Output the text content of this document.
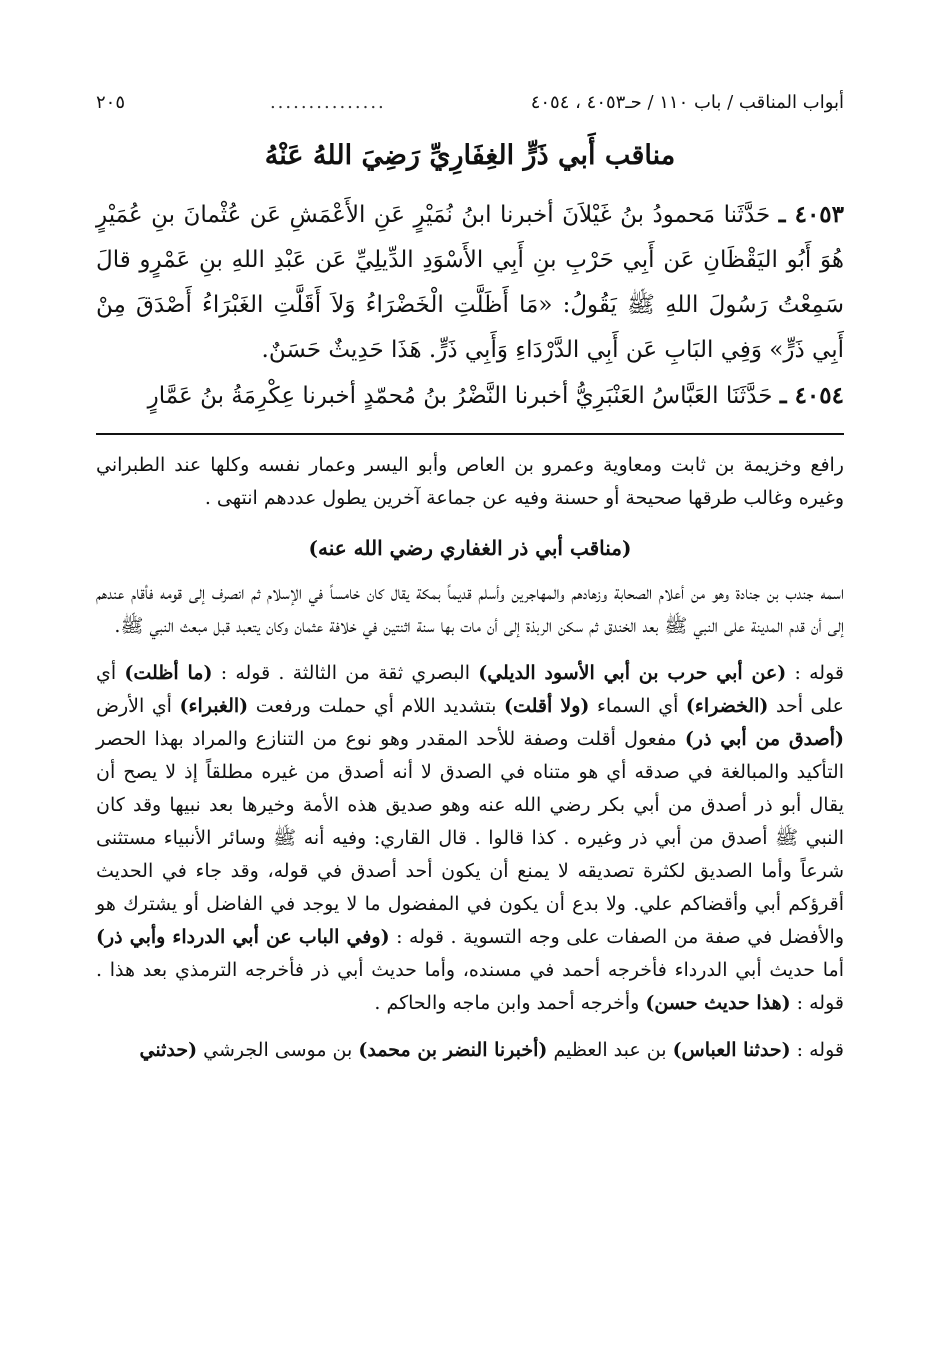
أبواب المناقب / باب ١١٠ / حـ٤٠٥٣ ، ٤٠٥٤
...............
٢٠٥
مناقب أَبي ذَرٍّ الغِفَارِيِّ رَضِيَ اللهُ عَنْهُ

٤٠٥٣ ـ حَدَّثَنا مَحمودُ بنُ غَيْلاَنَ أخبرنا ابنُ نُمَيْرٍ عَنِ الأَعْمَشِ عَن عُثْمانَ بنِ عُمَيْرٍ هُوَ أَبُو اليَقْظَانِ عَن أَبِي حَرْبِ بنِ أَبِي الأَسْوَدِ الدِّيلِيِّ عَن عَبْدِ اللهِ بنِ عَمْرٍو قالَ سَمِعْتُ رَسُولَ اللهِ ﷺ يَقُولُ: «مَا أَظَلَّتِ الْخَضْرَاءُ وَلاَ أَقَلَّتِ الغَبْرَاءُ أَصْدَقَ مِنْ أَبِي ذَرٍّ» وَفِي البَابِ عَن أَبِي الدَّرْدَاءِ وَأَبِي ذَرٍّ. هَذَا حَدِيثٌ حَسَنٌ.

٤٠٥٤ ـ حَدَّثَنَا العَبَّاسُ العَنْبَرِيُّ أخبرنا النَّضْرُ بنُ مُحمّدٍ أخبرنا عِكْرِمَةُ بنُ عَمَّارٍ

رافع وخزيمة بن ثابت ومعاوية وعمرو بن العاص وأبو اليسر وعمار نفسه وكلها عند الطبراني وغيره وغالب طرقها صحيحة أو حسنة وفيه عن جماعة آخرين يطول عددهم انتهى .

(مناقب أبي ذر الغفاري رضي الله عنه)

اسمه جندب بن جنادة وهو من أعلام الصحابة وزهادهم والمهاجرين وأسلم قديماً بمكة يقال كان خامساً في الإسلام ثم انصرف إلى قومه فأقام عندهم إلى أن قدم المدينة على النبي ﷺ بعد الخندق ثم سكن الربذة إلى أن مات بها سنة اثنتين في خلافة عثمان وكان يتعبد قبل مبعث النبي ﷺ.

قوله : (عن أبي حرب بن أبي الأسود الديلي) البصري ثقة من الثالثة . قوله : (ما أظلت) أي على أحد (الخضراء) أي السماء (ولا أقلت) بتشديد اللام أي حملت ورفعت (الغبراء) أي الأرض (أصدق من أبي ذر) مفعول أقلت وصفة للأحد المقدر وهو نوع من التنازع والمراد بهذا الحصر التأكيد والمبالغة في صدقه أي هو متناه في الصدق لا أنه أصدق من غيره مطلقاً إذ لا يصح أن يقال أبو ذر أصدق من أبي بكر رضي الله عنه وهو صديق هذه الأمة وخيرها بعد نبيها وقد كان النبي ﷺ أصدق من أبي ذر وغيره . كذا قالوا . قال القاري: وفيه أنه ﷺ وسائر الأنبياء مستثنى شرعاً وأما الصديق لكثرة تصديقه لا يمنع أن يكون أحد أصدق في قوله، وقد جاء في الحديث أقرؤكم أبي وأقضاكم علي. ولا بدع أن يكون في المفضول ما لا يوجد في الفاضل أو يشترك هو والأفضل في صفة من الصفات على وجه التسوية . قوله : (وفي الباب عن أبي الدرداء وأبي ذر) أما حديث أبي الدرداء فأخرجه أحمد في مسنده، وأما حديث أبي ذر فأخرجه الترمذي بعد هذا . قوله : (هذا حديث حسن) وأخرجه أحمد وابن ماجه والحاكم .

قوله : (حدثنا العباس) بن عبد العظيم (أخبرنا النضر بن محمد) بن موسى الجرشي (حدثني
